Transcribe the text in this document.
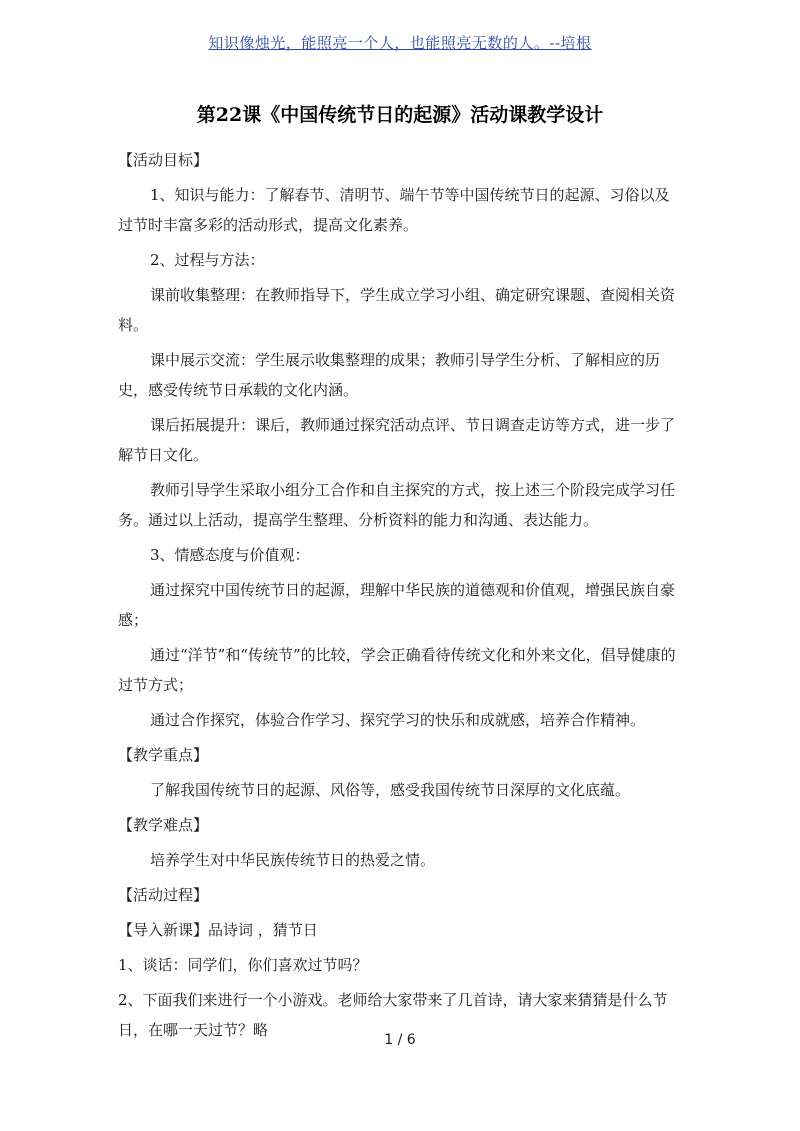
知识像烛光，能照亮一个人，也能照亮无数的人。--培根
第22课《中国传统节日的起源》活动课教学设计

【活动目标】

1、知识与能力：了解春节、清明节、端午节等中国传统节日的起源、习俗以及过节时丰富多彩的活动形式，提高文化素养。

2、过程与方法：

课前收集整理：在教师指导下，学生成立学习小组、确定研究课题、查阅相关资料。

课中展示交流：学生展示收集整理的成果；教师引导学生分析、了解相应的历史，感受传统节日承载的文化内涵。

课后拓展提升：课后，教师通过探究活动点评、节日调查走访等方式，进一步了解节日文化。

教师引导学生采取小组分工合作和自主探究的方式，按上述三个阶段完成学习任务。通过以上活动，提高学生整理、分析资料的能力和沟通、表达能力。

3、情感态度与价值观：

通过探究中国传统节日的起源，理解中华民族的道德观和价值观，增强民族自豪感；

通过“洋节”和“传统节”的比较，学会正确看待传统文化和外来文化，倡导健康的过节方式；

通过合作探究，体验合作学习、探究学习的快乐和成就感，培养合作精神。

【教学重点】

了解我国传统节日的起源、风俗等，感受我国传统节日深厚的文化底蕴。

【教学难点】

培养学生对中华民族传统节日的热爱之情。

【活动过程】

【导入新课】品诗词 ，猜节日

1、谈话：同学们，你们喜欢过节吗？

2、下面我们来进行一个小游戏。老师给大家带来了几首诗，请大家来猜猜是什么节日，在哪一天过节？略

1 / 6
